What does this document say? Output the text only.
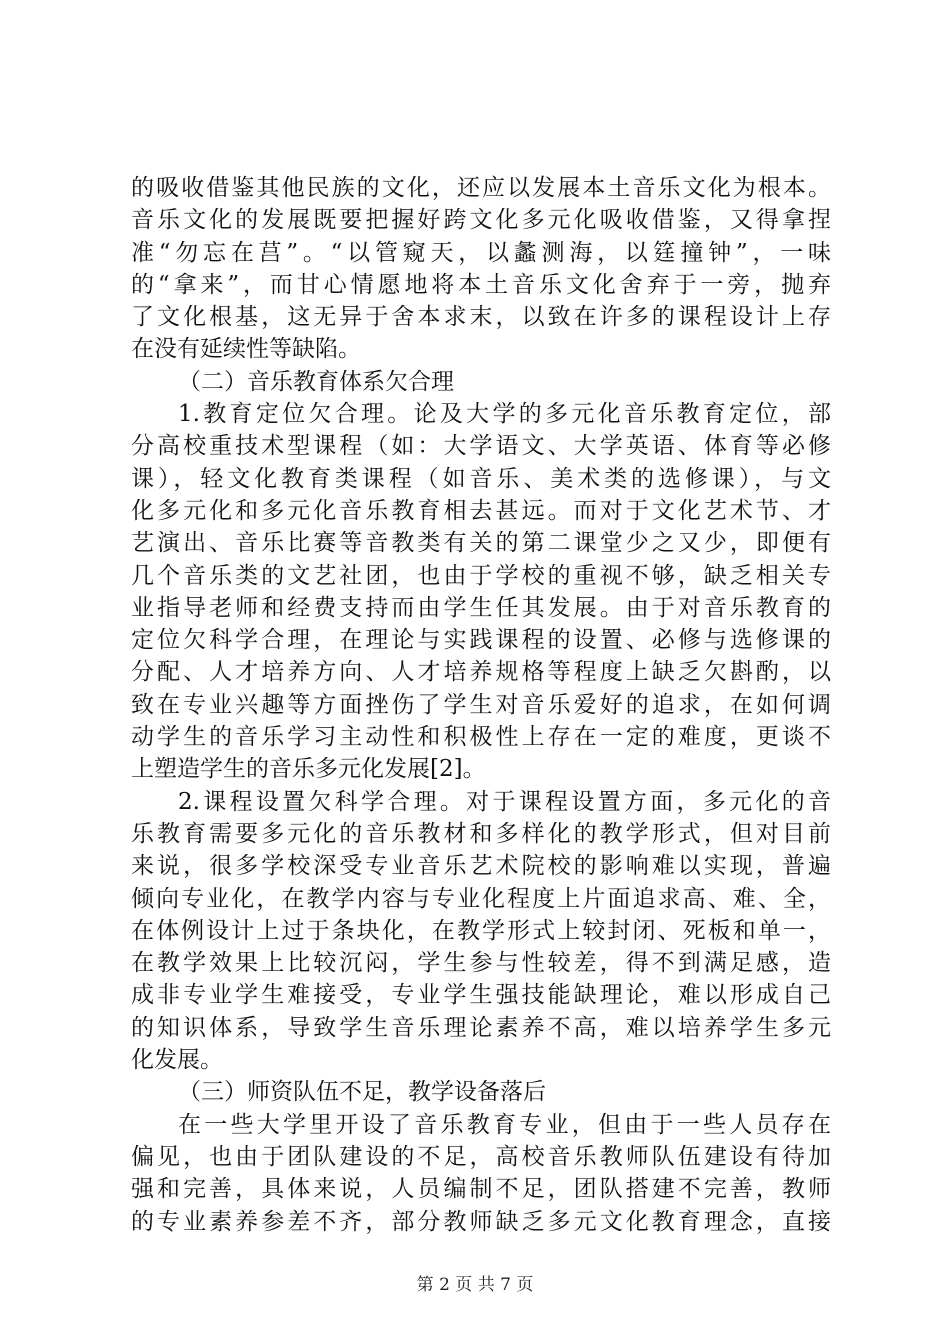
的吸收借鉴其他民族的文化，还应以发展本土音乐文化为根本。
音乐文化的发展既要把握好跨文化多元化吸收借鉴，又得拿捏
准“勿忘在莒”。“以管窥天，以蠡测海，以筳撞钟”，一味
的“拿来”，而甘心情愿地将本土音乐文化舍弃于一旁，抛弃
了文化根基，这无异于舍本求末，以致在许多的课程设计上存
在没有延续性等缺陷。
（二）音乐教育体系欠合理
1.教育定位欠合理。论及大学的多元化音乐教育定位，部
分高校重技术型课程（如：大学语文、大学英语、体育等必修
课），轻文化教育类课程（如音乐、美术类的选修课），与文
化多元化和多元化音乐教育相去甚远。而对于文化艺术节、才
艺演出、音乐比赛等音教类有关的第二课堂少之又少，即便有
几个音乐类的文艺社团，也由于学校的重视不够，缺乏相关专
业指导老师和经费支持而由学生任其发展。由于对音乐教育的
定位欠科学合理，在理论与实践课程的设置、必修与选修课的
分配、人才培养方向、人才培养规格等程度上缺乏欠斟酌，以
致在专业兴趣等方面挫伤了学生对音乐爱好的追求，在如何调
动学生的音乐学习主动性和积极性上存在一定的难度，更谈不
上塑造学生的音乐多元化发展[2]。
2.课程设置欠科学合理。对于课程设置方面，多元化的音
乐教育需要多元化的音乐教材和多样化的教学形式，但对目前
来说，很多学校深受专业音乐艺术院校的影响难以实现，普遍
倾向专业化，在教学内容与专业化程度上片面追求高、难、全，
在体例设计上过于条块化，在教学形式上较封闭、死板和单一，
在教学效果上比较沉闷，学生参与性较差，得不到满足感，造
成非专业学生难接受，专业学生强技能缺理论，难以形成自己
的知识体系，导致学生音乐理论素养不高，难以培养学生多元
化发展。
（三）师资队伍不足，教学设备落后
在一些大学里开设了音乐教育专业，但由于一些人员存在
偏见，也由于团队建设的不足，高校音乐教师队伍建设有待加
强和完善，具体来说，人员编制不足，团队搭建不完善，教师
的专业素养参差不齐，部分教师缺乏多元文化教育理念，直接
第 2 页 共 7 页
